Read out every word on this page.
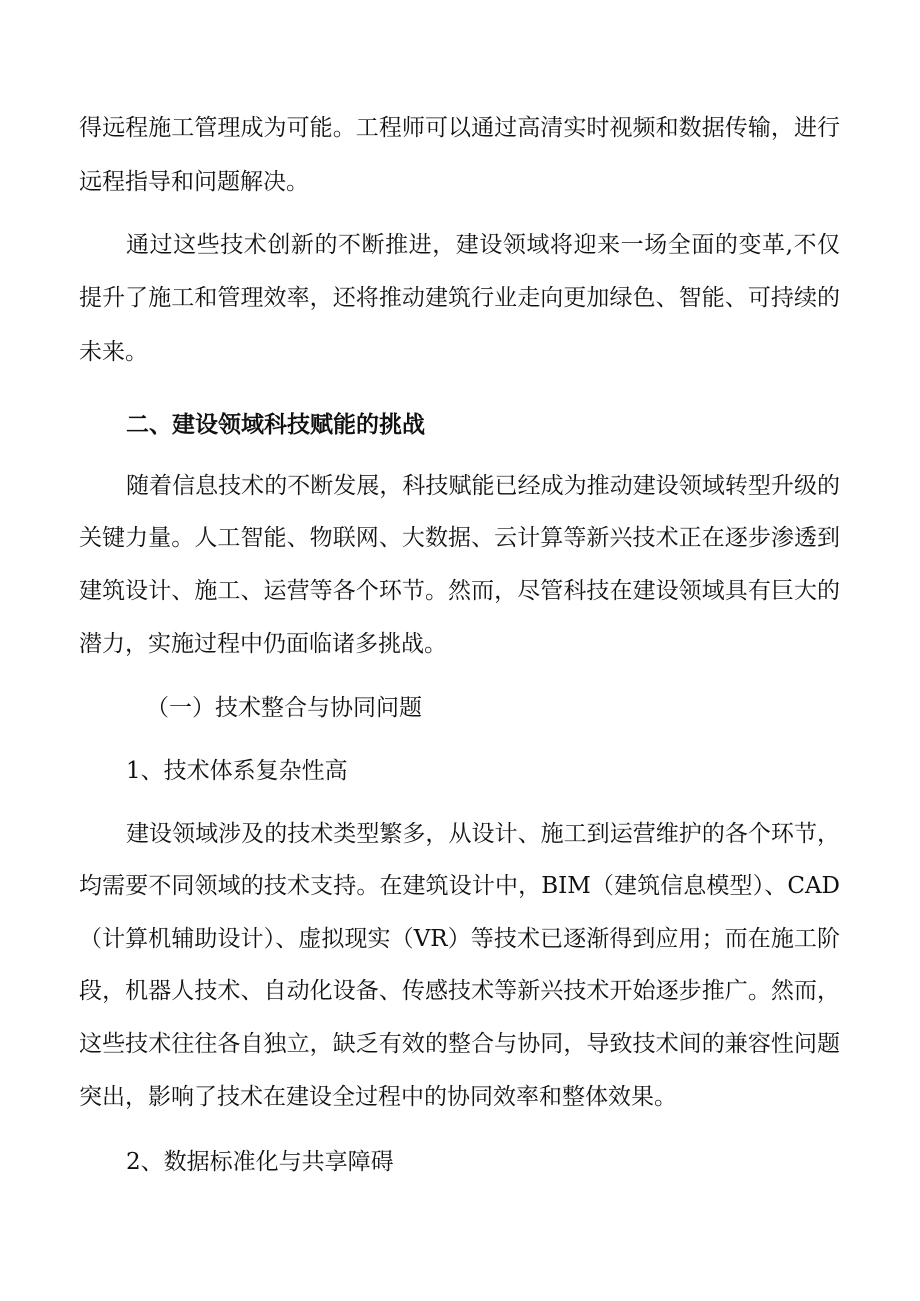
得远程施工管理成为可能。工程师可以通过高清实时视频和数据传输，进行
远程指导和问题解决。
通过这些技术创新的不断推进，建设领域将迎来一场全面的变革,不仅
提升了施工和管理效率，还将推动建筑行业走向更加绿色、智能、可持续的
未来。
二、建设领域科技赋能的挑战
随着信息技术的不断发展，科技赋能已经成为推动建设领域转型升级的
关键力量。人工智能、物联网、大数据、云计算等新兴技术正在逐步渗透到
建筑设计、施工、运营等各个环节。然而，尽管科技在建设领域具有巨大的
潜力，实施过程中仍面临诸多挑战。
（一）技术整合与协同问题
1、技术体系复杂性高
建设领域涉及的技术类型繁多，从设计、施工到运营维护的各个环节，
均需要不同领域的技术支持。在建筑设计中，BIM（建筑信息模型）、CAD
（计算机辅助设计）、虚拟现实（VR）等技术已逐渐得到应用；而在施工阶
段，机器人技术、自动化设备、传感技术等新兴技术开始逐步推广。然而，
这些技术往往各自独立，缺乏有效的整合与协同，导致技术间的兼容性问题
突出，影响了技术在建设全过程中的协同效率和整体效果。
2、数据标准化与共享障碍
